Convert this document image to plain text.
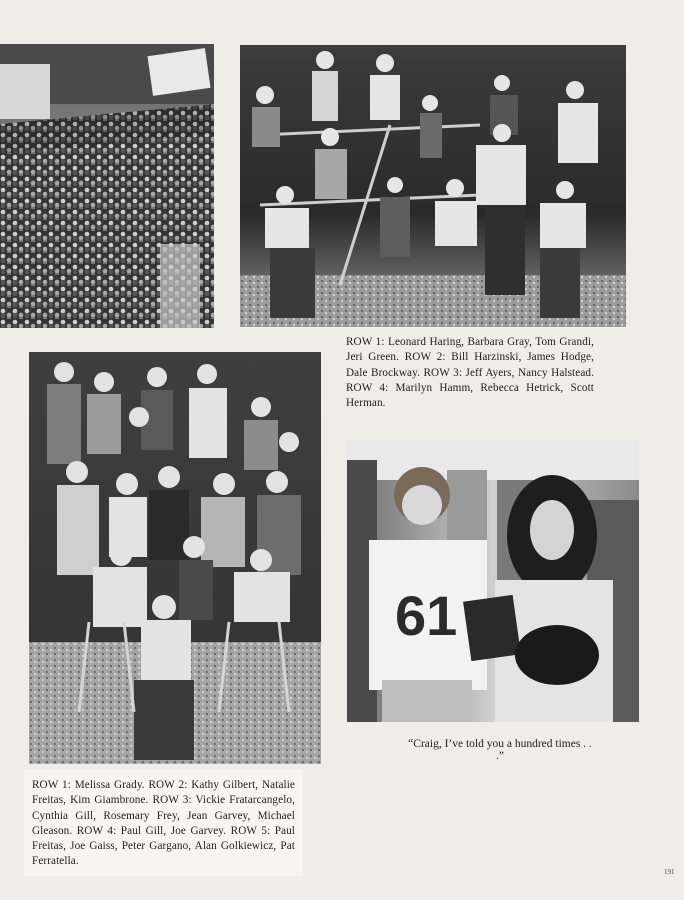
ROW 1: Leonard Haring, Barbara Gray, Tom Grandi, Jeri Green. ROW 2: Bill Harzinski, James Hodge, Dale Brockway. ROW 3: Jeff Ayers, Nancy Halstead. ROW 4: Marilyn Hamm, Rebecca Hetrick, Scott Herman.
ROW 1: Melissa Grady. ROW 2: Kathy Gilbert, Natalie Freitas, Kim Giambrone. ROW 3: Vickie Fratarcangelo, Cynthia Gill, Rosemary Frey, Jean Garvey, Michael Gleason. ROW 4: Paul Gill, Joe Garvey. ROW 5: Paul Freitas, Joe Gaiss, Peter Gargano, Alan Golkiewicz, Pat Ferratella.
61
“Craig, I’ve told you a hundred times . . .”
191
